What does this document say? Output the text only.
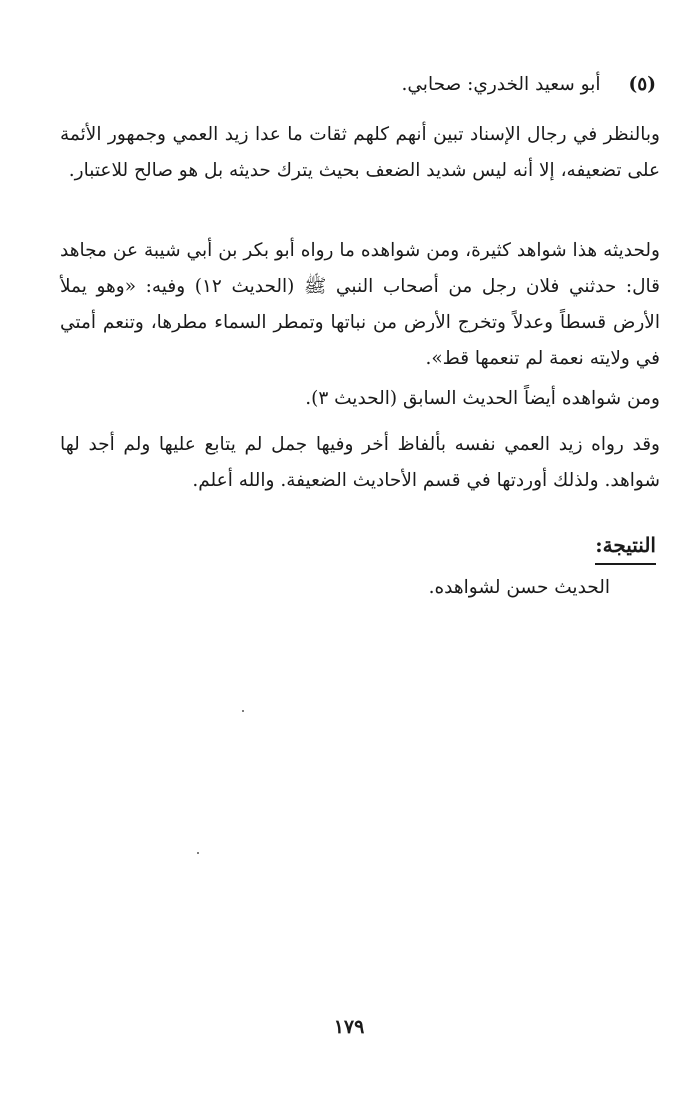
(٥)أبو سعيد الخدري: صحابي.

وبالنظر في رجال الإسناد تبين أنهم كلهم ثقات ما عدا زيد العمي وجمهور الأئمة على تضعيفه، إلا أنه ليس شديد الضعف بحيث يترك حديثه بل هو صالح للاعتبار.

ولحديثه هذا شواهد كثيرة، ومن شواهده ما رواه أبو بكر بن أبي شيبة عن مجاهد قال: حدثني فلان رجل من أصحاب النبي ﷺ (الحديث ١٢) وفيه: «وهو يملأ الأرض قسطاً وعدلاً وتخرج الأرض من نباتها وتمطر السماء مطرها، وتنعم أمتي في ولايته نعمة لم تنعمها قط».

ومن شواهده أيضاً الحديث السابق (الحديث ٣).

وقد رواه زيد العمي نفسه بألفاظ أخر وفيها جمل لم يتابع عليها ولم أجد لها شواهد. ولذلك أوردتها في قسم الأحاديث الضعيفة. والله أعلم.

النتيجة:
الحديث حسن لشواهده.
١٧٩
